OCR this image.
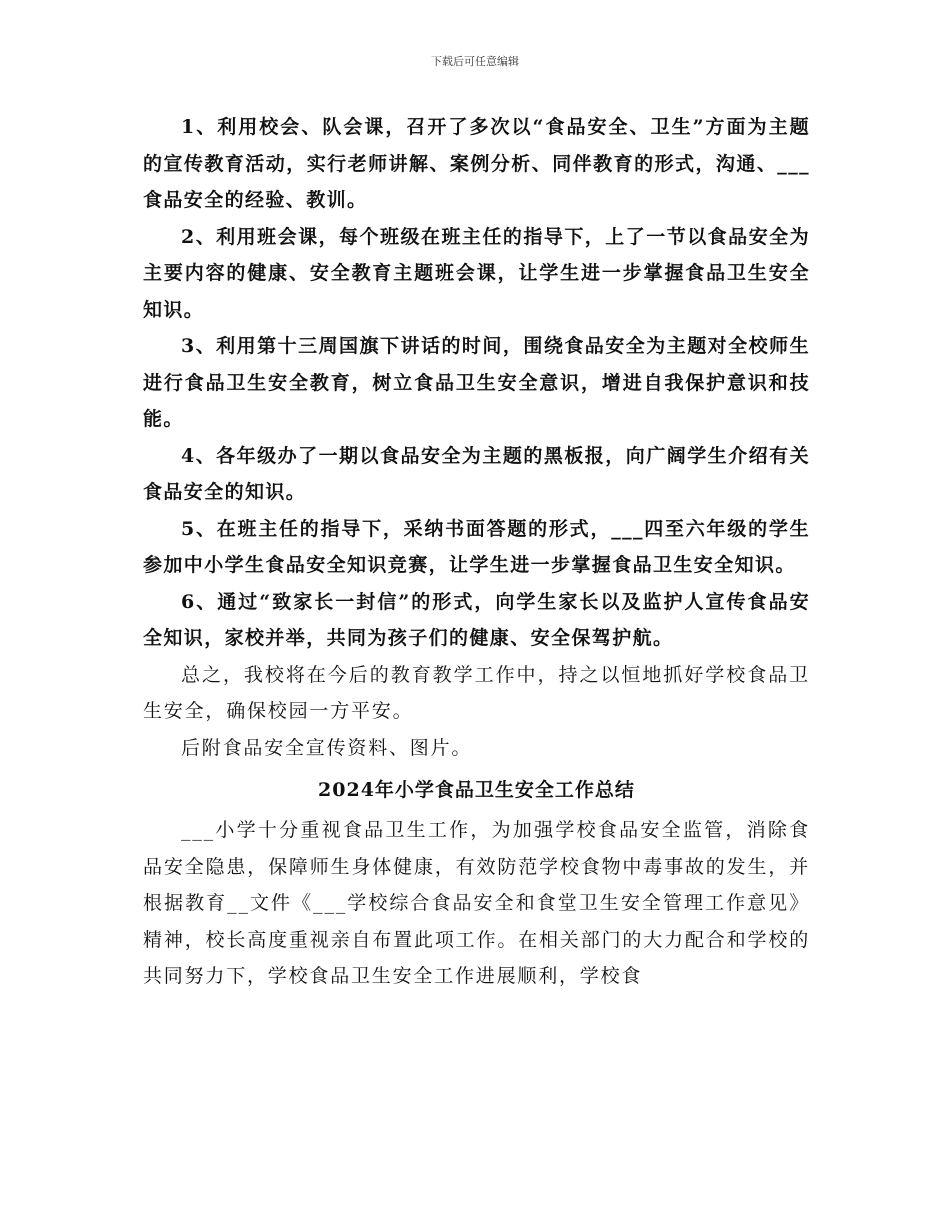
下载后可任意编辑

1、利用校会、队会课，召开了多次以“食品安全、卫生”方面为主题的宣传教育活动，实行老师讲解、案例分析、同伴教育的形式，沟通、___食品安全的经验、教训。

2、利用班会课，每个班级在班主任的指导下，上了一节以食品安全为主要内容的健康、安全教育主题班会课，让学生进一步掌握食品卫生安全知识。

3、利用第十三周国旗下讲话的时间，围绕食品安全为主题对全校师生进行食品卫生安全教育，树立食品卫生安全意识，增进自我保护意识和技能。

4、各年级办了一期以食品安全为主题的黑板报，向广阔学生介绍有关食品安全的知识。

5、在班主任的指导下，采纳书面答题的形式，___四至六年级的学生参加中小学生食品安全知识竞赛，让学生进一步掌握食品卫生安全知识。

6、通过“致家长一封信”的形式，向学生家长以及监护人宣传食品安全知识，家校并举，共同为孩子们的健康、安全保驾护航。

总之，我校将在今后的教育教学工作中，持之以恒地抓好学校食品卫生安全，确保校园一方平安。

后附食品安全宣传资料、图片。

2024年小学食品卫生安全工作总结

___小学十分重视食品卫生工作，为加强学校食品安全监管，消除食品安全隐患，保障师生身体健康，有效防范学校食物中毒事故的发生，并根据教育__文件《___学校综合食品安全和食堂卫生安全管理工作意见》精神，校长高度重视亲自布置此项工作。在相关部门的大力配合和学校的共同努力下，学校食品卫生安全工作进展顺利，学校食
